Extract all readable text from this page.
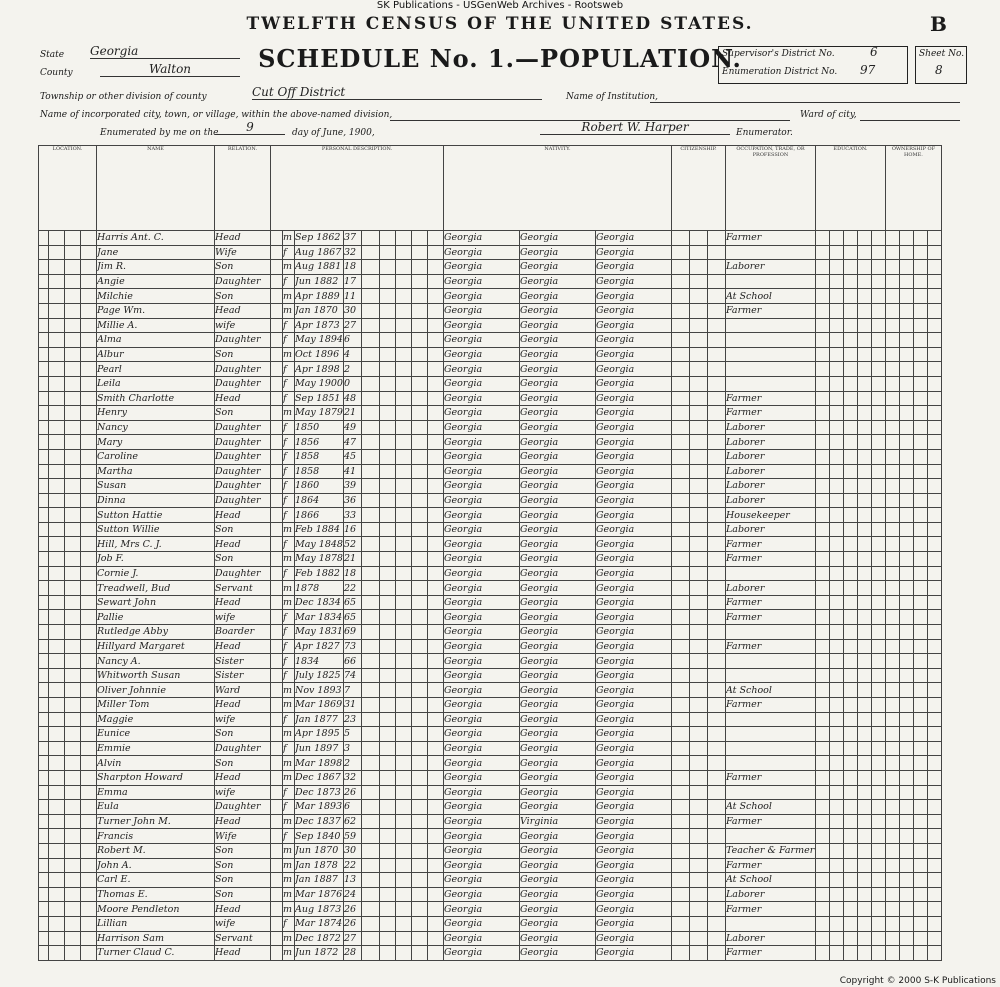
SK Publications - USGenWeb Archives - Rootsweb
TWELFTH CENSUS OF THE UNITED STATES.
SCHEDULE No. 1.—POPULATION.
B
State Georgia
County	Walton
Supervisor's District No.	6
Enumeration District No. 97
Sheet No.
8
Township or other division of county	Cut Off District	Name of Institution,
Name of incorporated city, town, or village, within the above-named division,	Ward of city,
Enumerated by me on the	9	day of June, 1900,	Robert W. Harper	Enumerator.
LOCATION.				NAME	RELATION.	PERSONAL DESCRIPTION.									NATIVITY.			CITIZENSHIP.			OCCUPATION, TRADE, OR PROFESSION	EDUCATION.					OWNERSHIP OF HOME.			
				Harris Ant. C.	Head		m	Sep 1862	37						Georgia	Georgia	Georgia				Farmer									
				Jane	Wife		f	Aug 1867	32						Georgia	Georgia	Georgia													
				Jim R.	Son		m	Aug 1881	18						Georgia	Georgia	Georgia				Laborer									
				Angie	Daughter		f	Jun 1882	17						Georgia	Georgia	Georgia													
				Milchie	Son		m	Apr 1889	11						Georgia	Georgia	Georgia				At School									
				Page Wm.	Head		m	Jan 1870	30						Georgia	Georgia	Georgia				Farmer									
				Millie A.	wife		f	Apr 1873	27						Georgia	Georgia	Georgia													
				Alma	Daughter		f	May 1894	6						Georgia	Georgia	Georgia													
				Albur	Son		m	Oct 1896	4						Georgia	Georgia	Georgia													
				Pearl	Daughter		f	Apr 1898	2						Georgia	Georgia	Georgia													
				Leila	Daughter		f	May 1900	0						Georgia	Georgia	Georgia													
				Smith Charlotte	Head		f	Sep 1851	48						Georgia	Georgia	Georgia				Farmer									
				Henry	Son		m	May 1879	21						Georgia	Georgia	Georgia				Farmer									
				Nancy	Daughter		f	1850	49						Georgia	Georgia	Georgia				Laborer									
				Mary	Daughter		f	1856	47						Georgia	Georgia	Georgia				Laborer									
				Caroline	Daughter		f	1858	45						Georgia	Georgia	Georgia				Laborer									
				Martha	Daughter		f	1858	41						Georgia	Georgia	Georgia				Laborer									
				Susan	Daughter		f	1860	39						Georgia	Georgia	Georgia				Laborer									
				Dinna	Daughter		f	1864	36						Georgia	Georgia	Georgia				Laborer									
				Sutton Hattie	Head		f	1866	33						Georgia	Georgia	Georgia				Housekeeper									
				Sutton Willie	Son		m	Feb 1884	16						Georgia	Georgia	Georgia				Laborer									
				Hill, Mrs C. J.	Head		f	May 1848	52						Georgia	Georgia	Georgia				Farmer									
				Job F.	Son		m	May 1878	21						Georgia	Georgia	Georgia				Farmer									
				Cornie J.	Daughter		f	Feb 1882	18						Georgia	Georgia	Georgia													
				Treadwell, Bud	Servant		m	1878	22						Georgia	Georgia	Georgia				Laborer									
				Sewart John	Head		m	Dec 1834	65						Georgia	Georgia	Georgia				Farmer									
				Pallie	wife		f	Mar 1834	65						Georgia	Georgia	Georgia				Farmer									
				Rutledge Abby	Boarder		f	May 1831	69						Georgia	Georgia	Georgia													
				Hillyard Margaret	Head		f	Apr 1827	73						Georgia	Georgia	Georgia				Farmer									
				Nancy A.	Sister		f	1834	66						Georgia	Georgia	Georgia													
				Whitworth Susan	Sister		f	July 1825	74						Georgia	Georgia	Georgia													
				Oliver Johnnie	Ward		m	Nov 1893	7						Georgia	Georgia	Georgia				At School									
				Miller Tom	Head		m	Mar 1869	31						Georgia	Georgia	Georgia				Farmer									
				Maggie	wife		f	Jan 1877	23						Georgia	Georgia	Georgia													
				Eunice	Son		m	Apr 1895	5						Georgia	Georgia	Georgia													
				Emmie	Daughter		f	Jun 1897	3						Georgia	Georgia	Georgia													
				Alvin	Son		m	Mar 1898	2						Georgia	Georgia	Georgia													
				Sharpton Howard	Head		m	Dec 1867	32						Georgia	Georgia	Georgia				Farmer									
				Emma	wife		f	Dec 1873	26						Georgia	Georgia	Georgia													
				Eula	Daughter		f	Mar 1893	6						Georgia	Georgia	Georgia				At School									
				Turner John M.	Head		m	Dec 1837	62						Georgia	Virginia	Georgia				Farmer									
				Francis	Wife		f	Sep 1840	59						Georgia	Georgia	Georgia													
				Robert M.	Son		m	Jun 1870	30						Georgia	Georgia	Georgia				Teacher & Farmer									
				John A.	Son		m	Jan 1878	22						Georgia	Georgia	Georgia				Farmer									
				Carl E.	Son		m	Jan 1887	13						Georgia	Georgia	Georgia				At School									
				Thomas E.	Son		m	Mar 1876	24						Georgia	Georgia	Georgia				Laborer									
				Moore Pendleton	Head		m	Aug 1873	26						Georgia	Georgia	Georgia				Farmer									
				Lillian	wife		f	Mar 1874	26						Georgia	Georgia	Georgia													
				Harrison Sam	Servant		m	Dec 1872	27						Georgia	Georgia	Georgia				Laborer									
				Turner Claud C.	Head		m	Jun 1872	28						Georgia	Georgia	Georgia				Farmer									
Copyright © 2000 S-K Publications
